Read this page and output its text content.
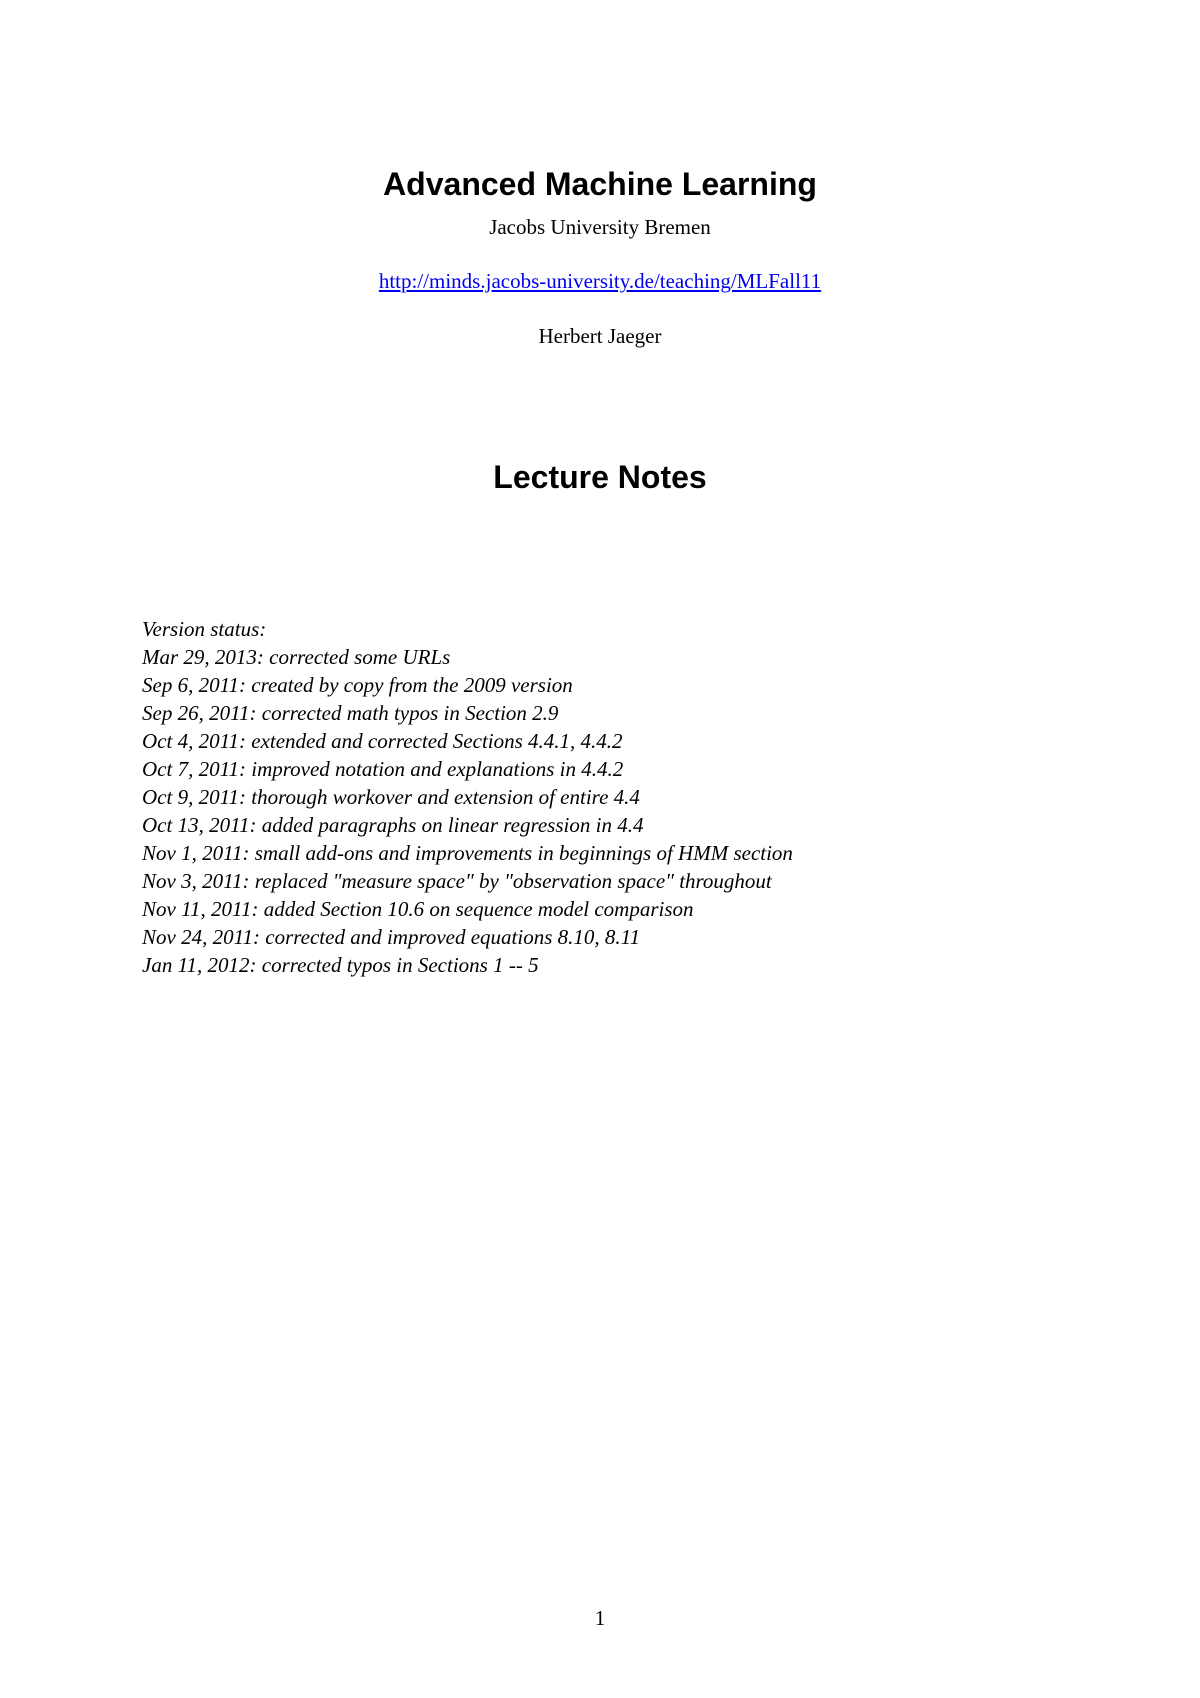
Advanced Machine Learning

Jacobs University Bremen

http://minds.jacobs-university.de/teaching/MLFall11

Herbert Jaeger

Lecture Notes
Version status:
Mar 29, 2013: corrected some URLs
Sep 6, 2011: created by copy from the 2009 version
Sep 26, 2011: corrected math typos in Section 2.9
Oct 4, 2011: extended and corrected Sections 4.4.1, 4.4.2
Oct 7, 2011: improved notation and explanations in 4.4.2
Oct 9, 2011: thorough workover and extension of entire 4.4
Oct 13, 2011: added paragraphs on linear regression in 4.4
Nov 1, 2011: small add-ons and improvements in beginnings of HMM section
Nov 3, 2011: replaced "measure space" by "observation space" throughout
Nov 11, 2011: added Section 10.6 on sequence model comparison
Nov 24, 2011: corrected and improved equations 8.10, 8.11
Jan 11, 2012: corrected typos in Sections 1 -- 5

1
